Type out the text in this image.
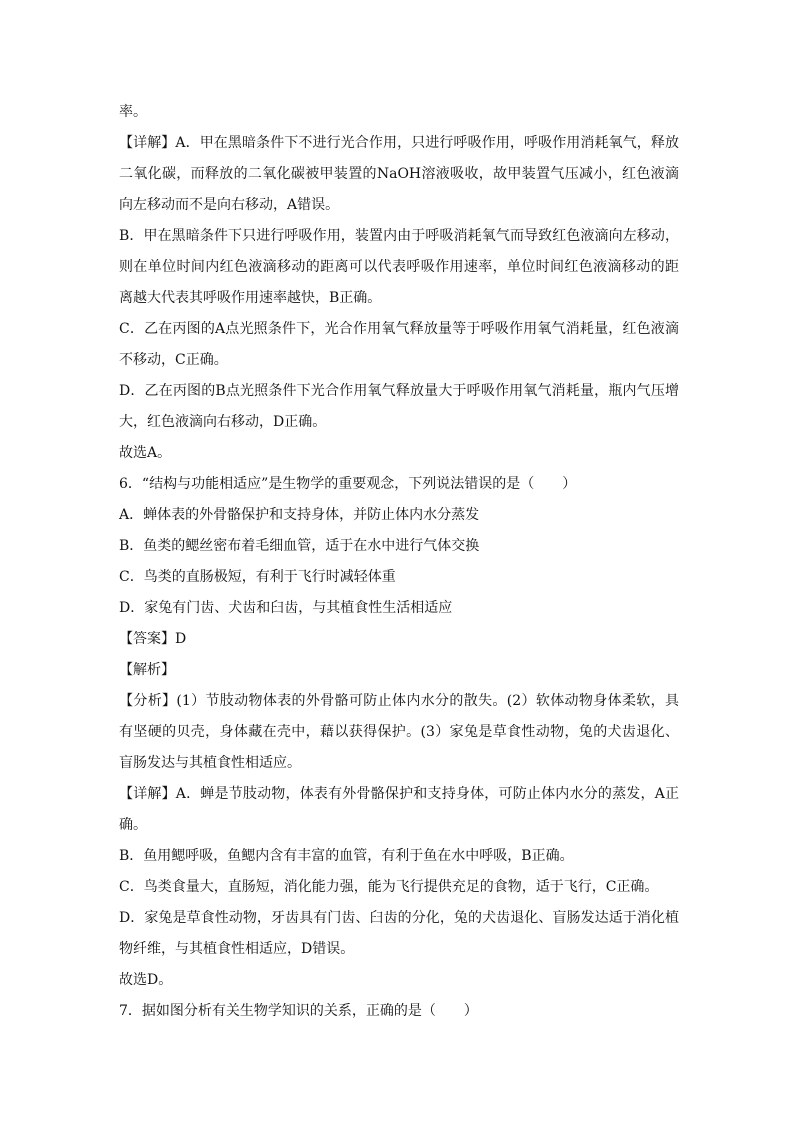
率。
【详解】A．甲在黑暗条件下不进行光合作用，只进行呼吸作用，呼吸作用消耗氧气，释放
二氧化碳，而释放的二氧化碳被甲装置的NaOH溶液吸收，故甲装置气压减小，红色液滴
向左移动而不是向右移动，A错误。
B．甲在黑暗条件下只进行呼吸作用，装置内由于呼吸消耗氧气而导致红色液滴向左移动，
则在单位时间内红色液滴移动的距离可以代表呼吸作用速率，单位时间红色液滴移动的距
离越大代表其呼吸作用速率越快，B正确。
C．乙在丙图的A点光照条件下，光合作用氧气释放量等于呼吸作用氧气消耗量，红色液滴
不移动，C正确。
D．乙在丙图的B点光照条件下光合作用氧气释放量大于呼吸作用氧气消耗量，瓶内气压增
大，红色液滴向右移动，D正确。
故选A。
6．“结构与功能相适应”是生物学的重要观念，下列说法错误的是（　　）
A．蝉体表的外骨骼保护和支持身体，并防止体内水分蒸发
B．鱼类的鳃丝密布着毛细血管，适于在水中进行气体交换
C．鸟类的直肠极短，有利于飞行时减轻体重
D．家兔有门齿、犬齿和臼齿，与其植食性生活相适应
【答案】D
【解析】
【分析】(1）节肢动物体表的外骨骼可防止体内水分的散失。(2）软体动物身体柔软，具
有坚硬的贝壳，身体藏在壳中，藉以获得保护。(3）家兔是草食性动物，兔的犬齿退化、
盲肠发达与其植食性相适应。
【详解】A．蝉是节肢动物，体表有外骨骼保护和支持身体，可防止体内水分的蒸发，A正
确。
B．鱼用鳃呼吸，鱼鳃内含有丰富的血管，有利于鱼在水中呼吸，B正确。
C．鸟类食量大，直肠短，消化能力强，能为飞行提供充足的食物，适于飞行，C正确。
D．家兔是草食性动物，牙齿具有门齿、臼齿的分化，兔的犬齿退化、盲肠发达适于消化植
物纤维，与其植食性相适应，D错误。
故选D。
7．据如图分析有关生物学知识的关系，正确的是（　　）
